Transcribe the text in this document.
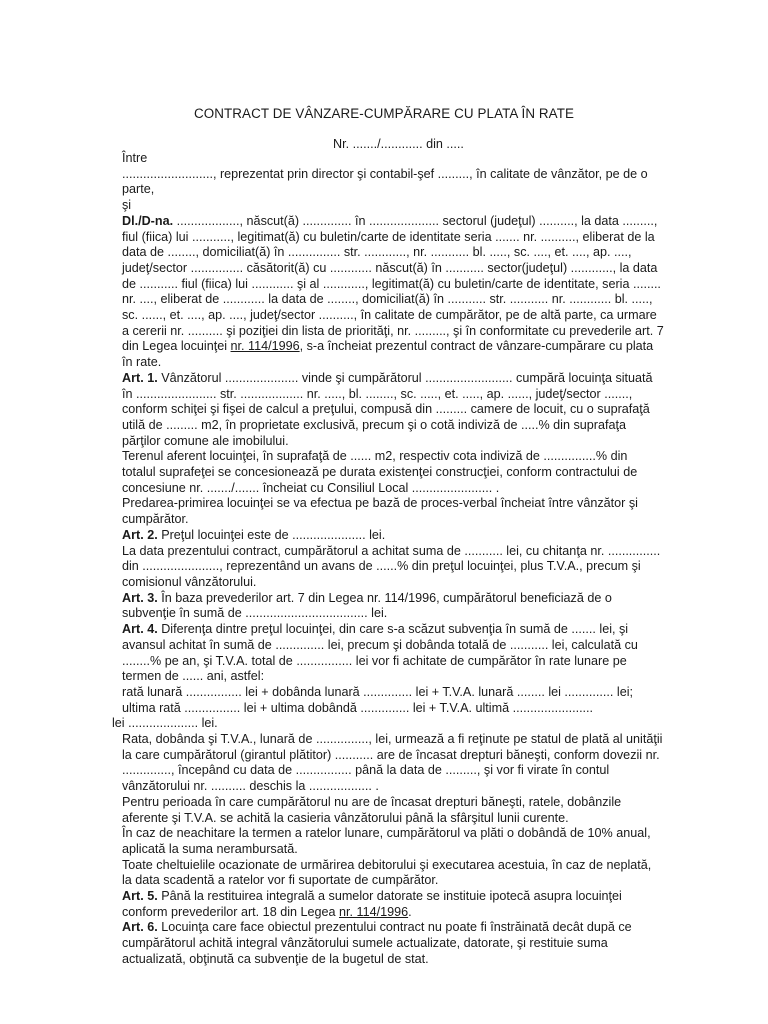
CONTRACT DE VÂNZARE-CUMPĂRARE CU PLATA ÎN RATE
Nr. ......./............ din .....

Între

.........................., reprezentat prin director şi contabil-şef ........., în calitate de vânzător, pe de o parte,

şi

Dl./D-na. .................., născut(ă) .............. în .................... sectorul (judeţul) .........., la data ........., fiul (fiica) lui ..........., legitimat(ă) cu buletin/carte de identitate seria ....... nr. .........., eliberat de la data de ........, domiciliat(ă) în ............... str. ............, nr. ........... bl. ....., sc. ...., et. ...., ap. ...., judeţ/sector ............... căsătorit(ă) cu ............ născut(ă) în ........... sector(judeţul) ............, la data de ........... fiul (fiica) lui ............ şi al ............, legitimat(ă) cu buletin/carte de identitate, seria ........ nr. ...., eliberat de ............ la data de ........, domiciliat(ă) în ........... str. ........... nr. ............ bl. ....., sc. ......, et. ...., ap. ...., judeţ/sector .........., în calitate de cumpărător, pe de altă parte, ca urmare a cererii nr. .......... şi poziţiei din lista de priorităţi, nr. ........., şi în conformitate cu prevederile art. 7 din Legea locuinţei nr. 114/1996, s-a încheiat prezentul contract de vânzare-cumpărare cu plata în rate.

Art. 1. Vânzătorul ..................... vinde şi cumpărătorul ......................... cumpără locuinţa situată în ....................... str. .................. nr. ....., bl. ........, sc. ....., et. ....., ap. ......, judeţ/sector ......., conform schiţei şi fişei de calcul a preţului, compusă din ......... camere de locuit, cu o suprafaţă utilă de ......... m2, în proprietate exclusivă, precum şi o cotă indiviză de .....% din suprafaţa părţilor comune ale imobilului.

Terenul aferent locuinţei, în suprafaţă de ...... m2, respectiv cota indiviză de ...............% din totalul suprafeţei se concesionează pe durata existenţei construcţiei, conform contractului de concesiune nr. ......./....... încheiat cu Consiliul Local ....................... .

Predarea-primirea locuinţei se va efectua pe bază de proces-verbal încheiat între vânzător şi cumpărător.

Art. 2. Preţul locuinţei este de ..................... lei.

La data prezentului contract, cumpărătorul a achitat suma de ........... lei, cu chitanţa nr. ............... din ......................, reprezentând un avans de ......% din preţul locuinţei, plus T.V.A., precum şi comisionul vânzătorului.

Art. 3. În baza prevederilor art. 7 din Legea nr. 114/1996, cumpărătorul beneficiază de o subvenţie în sumă de ................................... lei.

Art. 4. Diferenţa dintre preţul locuinţei, din care s-a scăzut subvenţia în sumă de ....... lei, şi avansul achitat în sumă de .............. lei, precum şi dobânda totală de ........... lei, calculată cu ........% pe an, şi T.V.A. total de ................ lei vor fi achitate de cumpărător în rate lunare pe termen de ...... ani, astfel:

rată lunară ................ lei + dobânda lunară .............. lei + T.V.A. lunară ........ lei .............. lei;

ultima rată ................ lei + ultima dobândă .............. lei + T.V.A. ultimă .......................

lei .................... lei.

Rata, dobânda şi T.V.A., lunară de ..............., lei, urmează a fi reţinute pe statul de plată al unităţii la care cumpărătorul (girantul plătitor) ........... are de încasat drepturi băneşti, conform dovezii nr. .............., începând cu data de ................ până la data de ........., şi vor fi virate în contul vânzătorului nr. .......... deschis la .................. .

Pentru perioada în care cumpărătorul nu are de încasat drepturi băneşti, ratele, dobânzile aferente şi T.V.A. se achită la casieria vânzătorului până la sfârşitul lunii curente.

În caz de neachitare la termen a ratelor lunare, cumpărătorul va plăti o dobândă de 10% anual, aplicată la suma nerambursată.

Toate cheltuielile ocazionate de urmărirea debitorului şi executarea acestuia, în caz de neplată, la data scadentă a ratelor vor fi suportate de cumpărător.

Art. 5. Până la restituirea integrală a sumelor datorate se instituie ipotecă asupra locuinţei conform prevederilor art. 18 din Legea nr. 114/1996.

Art. 6. Locuinţa care face obiectul prezentului contract nu poate fi înstrăinată decât după ce cumpărătorul achită integral vânzătorului sumele actualizate, datorate, şi restituie suma actualizată, obţinută ca subvenţie de la bugetul de stat.
